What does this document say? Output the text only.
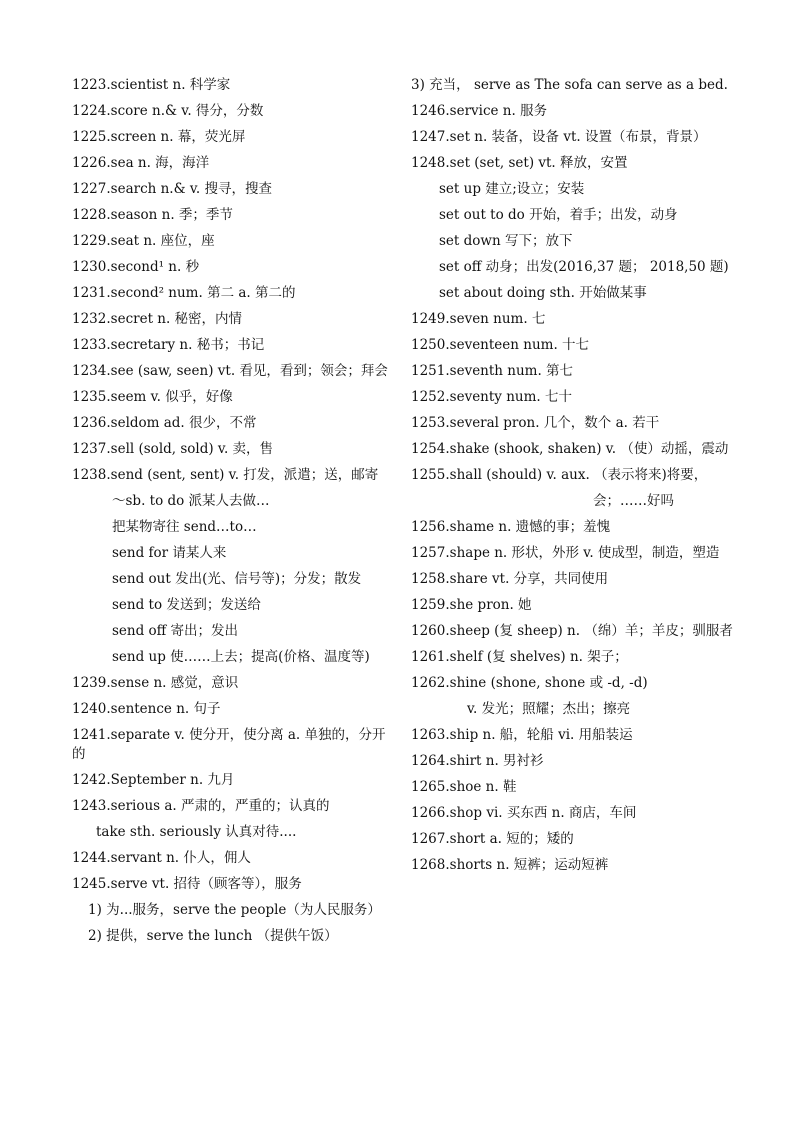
1223.scientist n. 科学家
1224.score n.& v. 得分，分数
1225.screen n. 幕，荧光屏
1226.sea n. 海，海洋
1227.search n.& v. 搜寻，搜查
1228.season n. 季；季节
1229.seat n. 座位，座
1230.second¹ n. 秒
1231.second² num. 第二 a. 第二的
1232.secret n. 秘密，内情
1233.secretary n. 秘书；书记
1234.see (saw, seen) vt. 看见，看到；领会；拜会
1235.seem v. 似乎，好像
1236.seldom ad. 很少，不常
1237.sell (sold, sold) v. 卖，售
1238.send (sent, sent) v. 打发，派遣；送，邮寄
～sb. to do 派某人去做…
把某物寄往 send…to…
send for 请某人来
send out 发出(光、信号等)；分发；散发
send to 发送到；发送给
send off 寄出；发出
send up 使……上去；提高(价格、温度等)
1239.sense n. 感觉，意识
1240.sentence n. 句子
1241.separate v. 使分开，使分离 a. 单独的，分开的
1242.September n. 九月
1243.serious a. 严肃的，严重的；认真的
take sth. seriously 认真对待....
1244.servant n. 仆人，佣人
1245.serve vt. 招待（顾客等），服务
1) 为...服务，serve the people（为人民服务）
2) 提供，serve the lunch （提供午饭）
3) 充当， serve as The sofa can serve as a bed.
1246.service n. 服务
1247.set n. 装备，设备 vt. 设置（布景，背景）
1248.set (set, set) vt. 释放，安置
set up 建立;设立；安装
set out to do 开始，着手；出发，动身
set down 写下；放下
set off 动身；出发(2016,37 题； 2018,50 题)
set about doing sth. 开始做某事
1249.seven num. 七
1250.seventeen num. 十七
1251.seventh num. 第七
1252.seventy num. 七十
1253.several pron. 几个，数个 a. 若干
1254.shake (shook, shaken) v. （使）动摇，震动
1255.shall (should) v. aux. （表示将来)将要，
会；……好吗
1256.shame n. 遗憾的事；羞愧
1257.shape n. 形状，外形 v. 使成型，制造，塑造
1258.share vt. 分享，共同使用
1259.she pron. 她
1260.sheep (复 sheep) n. （绵）羊；羊皮；驯服者
1261.shelf (复 shelves) n. 架子；
1262.shine (shone, shone 或 -d, -d)
v. 发光；照耀；杰出；擦亮
1263.ship n. 船，轮船 vi. 用船装运
1264.shirt n. 男衬衫
1265.shoe n. 鞋
1266.shop vi. 买东西 n. 商店，车间
1267.short a. 短的；矮的
1268.shorts n. 短裤；运动短裤
